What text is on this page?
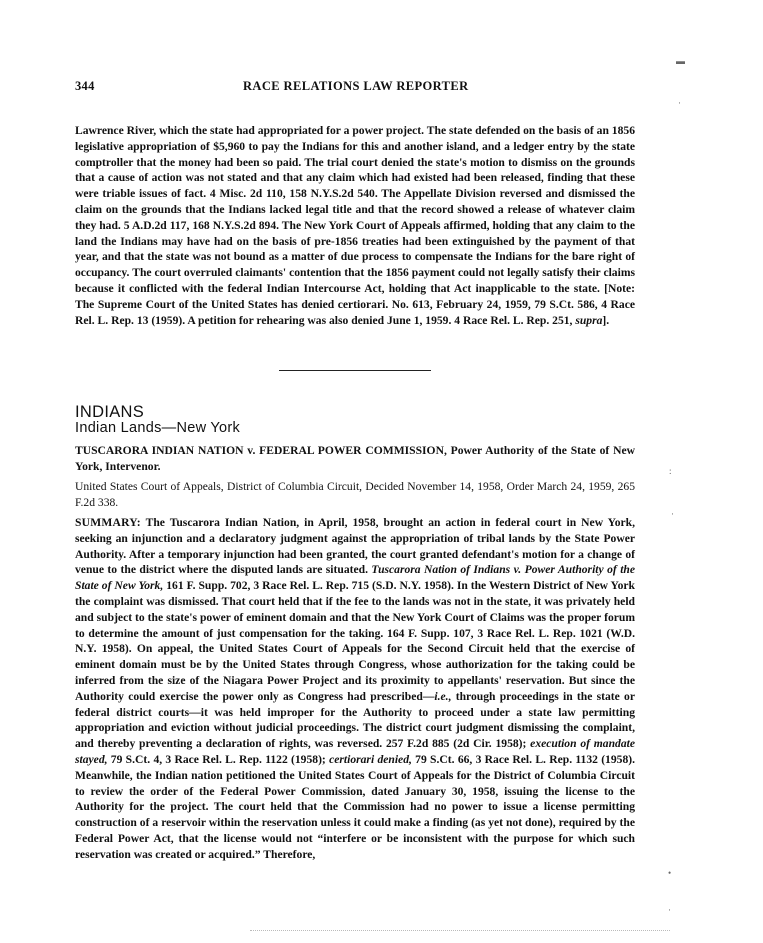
344	RACE RELATIONS LAW REPORTER

Lawrence River, which the state had appropriated for a power project. The state defended on the basis of an 1856 legislative appropriation of $5,960 to pay the Indians for this and another island, and a ledger entry by the state comptroller that the money had been so paid. The trial court denied the state's motion to dismiss on the grounds that a cause of action was not stated and that any claim which had existed had been released, finding that these were triable issues of fact. 4 Misc. 2d 110, 158 N.Y.S.2d 540. The Appellate Division reversed and dismissed the claim on the grounds that the Indians lacked legal title and that the record showed a release of whatever claim they had. 5 A.D.2d 117, 168 N.Y.S.2d 894. The New York Court of Appeals affirmed, holding that any claim to the land the Indians may have had on the basis of pre-1856 treaties had been extinguished by the payment of that year, and that the state was not bound as a matter of due process to compensate the Indians for the bare right of occupancy. The court overruled claimants' contention that the 1856 payment could not legally satisfy their claims because it conflicted with the federal Indian Intercourse Act, holding that Act inapplicable to the state. [Note: The Supreme Court of the United States has denied certiorari. No. 613, February 24, 1959, 79 S.Ct. 586, 4 Race Rel. L. Rep. 13 (1959). A petition for rehearing was also denied June 1, 1959. 4 Race Rel. L. Rep. 251, supra].

INDIANS
Indian Lands—New York

TUSCARORA INDIAN NATION v. FEDERAL POWER COMMISSION, Power Authority of the State of New York, Intervenor.

United States Court of Appeals, District of Columbia Circuit, Decided November 14, 1958, Order March 24, 1959, 265 F.2d 338.

SUMMARY: The Tuscarora Indian Nation, in April, 1958, brought an action in federal court in New York, seeking an injunction and a declaratory judgment against the appropriation of tribal lands by the State Power Authority. After a temporary injunction had been granted, the court granted defendant's motion for a change of venue to the district where the disputed lands are situated. Tuscarora Nation of Indians v. Power Authority of the State of New York, 161 F. Supp. 702, 3 Race Rel. L. Rep. 715 (S.D. N.Y. 1958). In the Western District of New York the complaint was dismissed. That court held that if the fee to the lands was not in the state, it was privately held and subject to the state's power of eminent domain and that the New York Court of Claims was the proper forum to determine the amount of just compensation for the taking. 164 F. Supp. 107, 3 Race Rel. L. Rep. 1021 (W.D. N.Y. 1958). On appeal, the United States Court of Appeals for the Second Circuit held that the exercise of eminent domain must be by the United States through Congress, whose authorization for the taking could be inferred from the size of the Niagara Power Project and its proximity to appellants' reservation. But since the Authority could exercise the power only as Congress had prescribed—i.e., through proceedings in the state or federal district courts—it was held improper for the Authority to proceed under a state law permitting appropriation and eviction without judicial proceedings. The district court judgment dismissing the complaint, and thereby preventing a declaration of rights, was reversed. 257 F.2d 885 (2d Cir. 1958); execution of mandate stayed, 79 S.Ct. 4, 3 Race Rel. L. Rep. 1122 (1958); certiorari denied, 79 S.Ct. 66, 3 Race Rel. L. Rep. 1132 (1958). Meanwhile, the Indian nation petitioned the United States Court of Appeals for the District of Columbia Circuit to review the order of the Federal Power Commission, dated January 30, 1958, issuing the license to the Authority for the project. The court held that the Commission had no power to issue a license permitting construction of a reservoir within the reservation unless it could make a finding (as yet not done), required by the Federal Power Act, that the license would not “interfere or be inconsistent with the purpose for which such reservation was created or acquired.” Therefore,

▬
·
:
·
•
·
